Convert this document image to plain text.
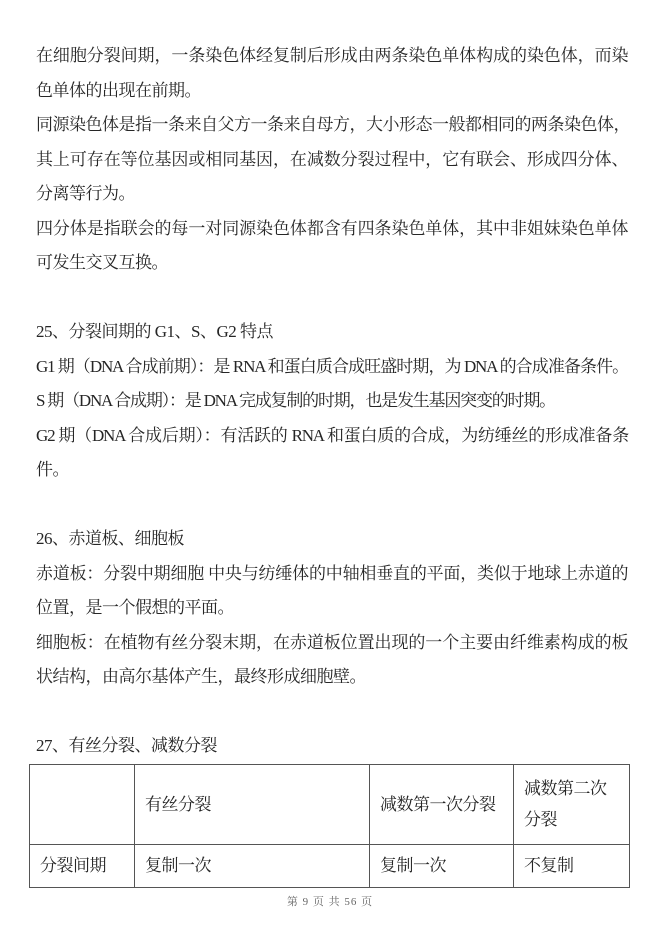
在细胞分裂间期，一条染色体经复制后形成由两条染色单体构成的染色体，而染
色单体的出现在前期。

同源染色体是指一条来自父方一条来自母方，大小形态一般都相同的两条染色体，
其上可存在等位基因或相同基因，在减数分裂过程中，它有联会、形成四分体、
分离等行为。

四分体是指联会的每一对同源染色体都含有四条染色单体，其中非姐妹染色单体
可发生交叉互换。

25、分裂间期的 G1、S、G2 特点

G1 期（DNA 合成前期）：是 RNA 和蛋白质合成旺盛时期，为 DNA 的合成准备条件。

S 期（DNA 合成期）：是 DNA 完成复制的时期，也是发生基因突变的时期。

G2 期（DNA 合成后期）：有活跃的 RNA 和蛋白质的合成，为纺缍丝的形成准备条
件。

26、赤道板、细胞板

赤道板：分裂中期细胞 中央与纺缍体的中轴相垂直的平面，类似于地球上赤道的
位置，是一个假想的平面。

细胞板：在植物有丝分裂末期，在赤道板位置出现的一个主要由纤维素构成的板
状结构，由高尔基体产生，最终形成细胞壁。

27、有丝分裂、减数分裂

	有丝分裂	减数第一次分裂	减数第二次分裂
分裂间期	复制一次	复制一次	不复制
第 9 页 共 56 页
